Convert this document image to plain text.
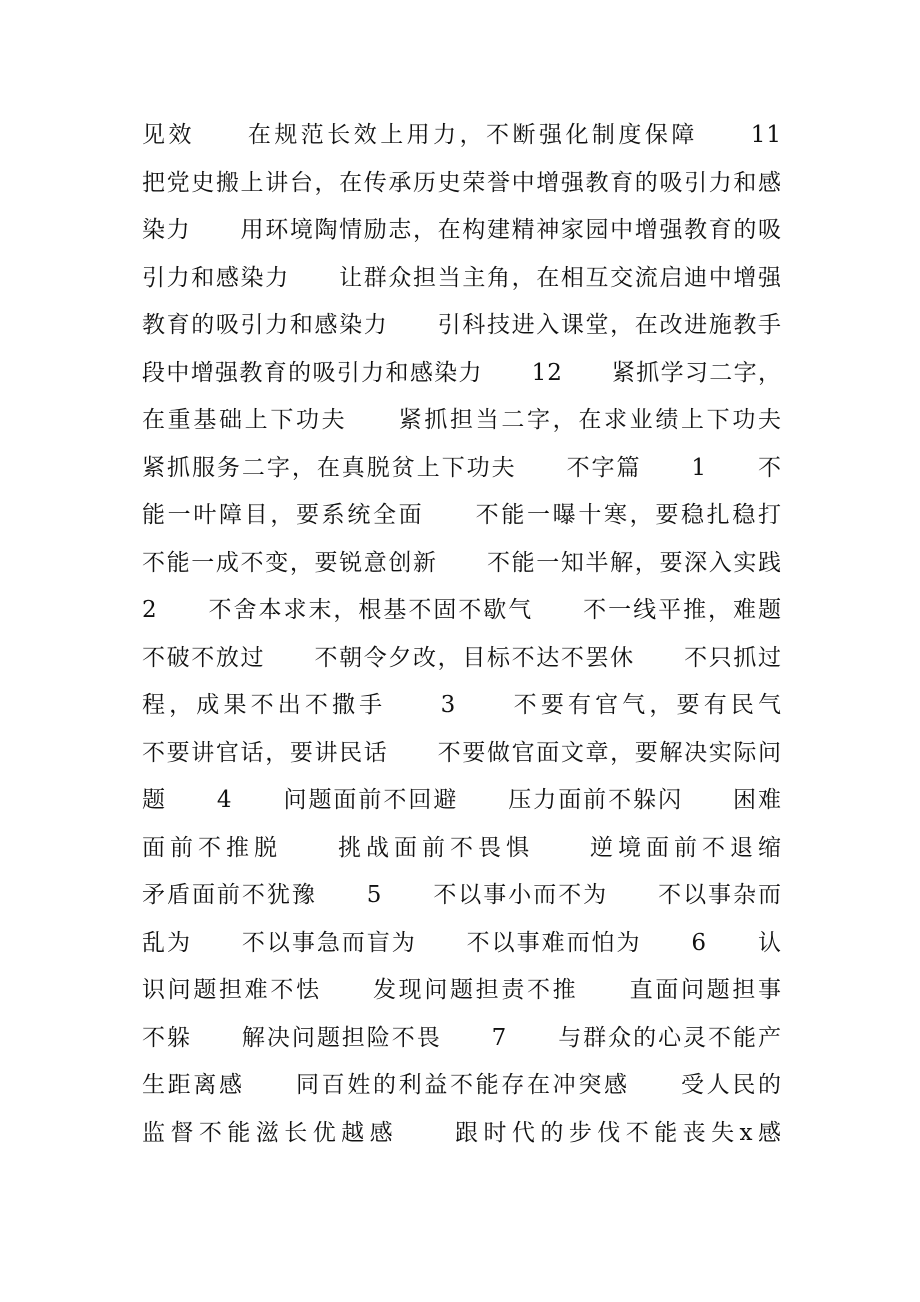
见效　　在规范长效上用力，不断强化制度保障　　11
把党史搬上讲台，在传承历史荣誉中增强教育的吸引力和感
染力　　用环境陶情励志，在构建精神家园中增强教育的吸
引力和感染力　　让群众担当主角，在相互交流启迪中增强
教育的吸引力和感染力　　引科技进入课堂，在改进施教手
段中增强教育的吸引力和感染力　　12　　紧抓学习二字，
在重基础上下功夫　　紧抓担当二字，在求业绩上下功夫
紧抓服务二字，在真脱贫上下功夫　　不字篇　　1　　不
能一叶障目，要系统全面　　不能一曝十寒，要稳扎稳打
不能一成不变，要锐意创新　　不能一知半解，要深入实践
2　　不舍本求末，根基不固不歇气　　不一线平推，难题
不破不放过　　不朝令夕改，目标不达不罢休　　不只抓过
程，成果不出不撒手　　3　　不要有官气，要有民气
不要讲官话，要讲民话　　不要做官面文章，要解决实际问
题　　4　　问题面前不回避　　压力面前不躲闪　　困难
面前不推脱　　挑战面前不畏惧　　逆境面前不退缩
矛盾面前不犹豫　　5　　不以事小而不为　　不以事杂而
乱为　　不以事急而盲为　　不以事难而怕为　　6　　认
识问题担难不怯　　发现问题担责不推　　直面问题担事
不躲　　解决问题担险不畏　　7　　与群众的心灵不能产
生距离感　　同百姓的利益不能存在冲突感　　受人民的
监督不能滋长优越感　　跟时代的步伐不能丧失x感
